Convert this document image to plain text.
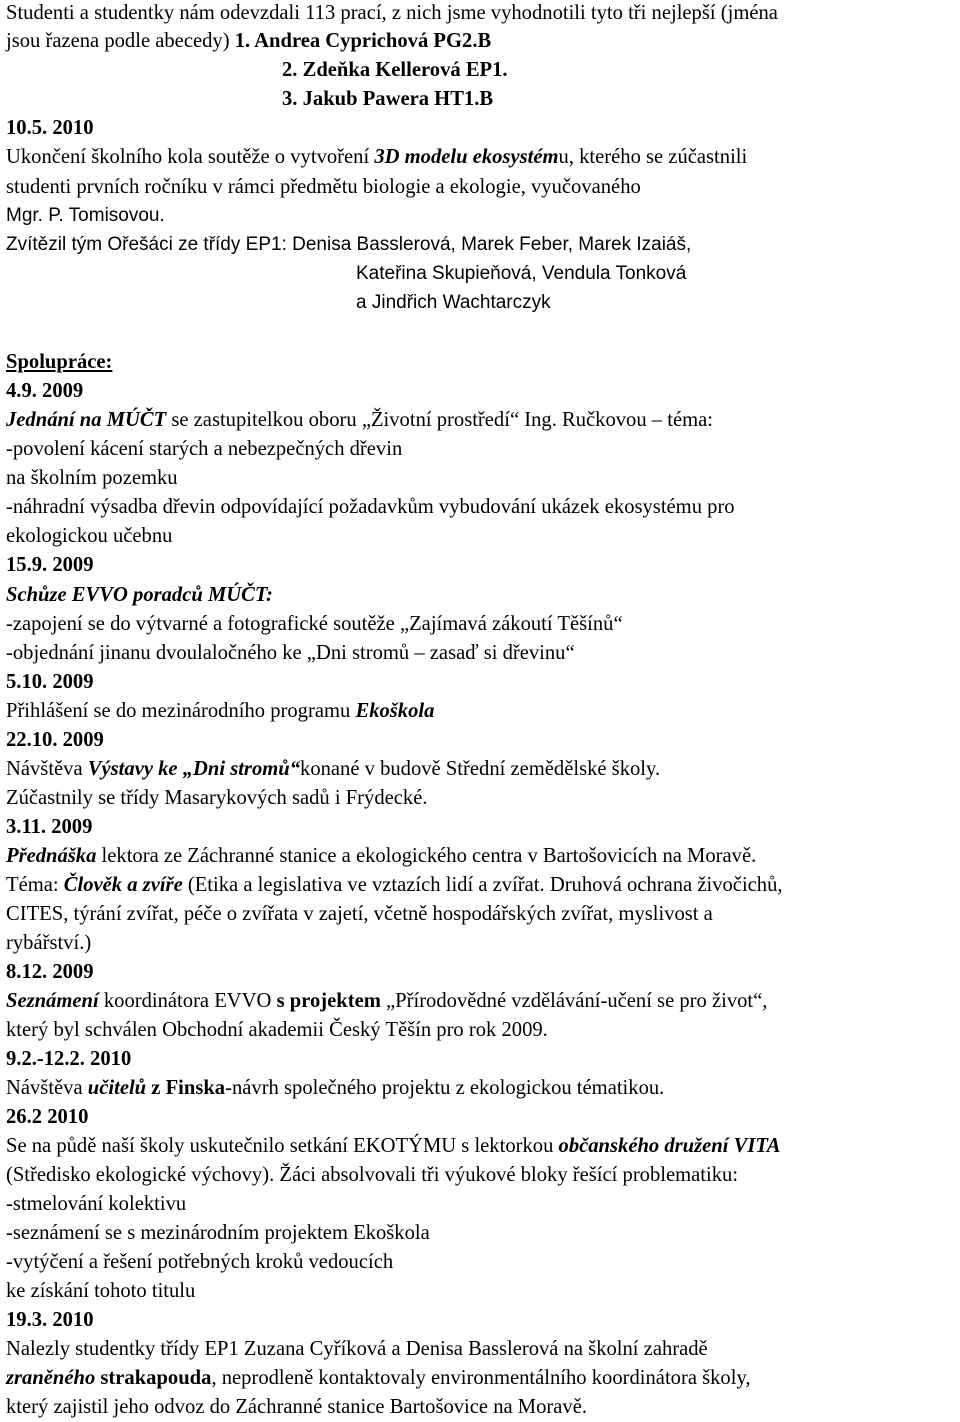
Studenti a studentky nám odevzdali 113 prací, z nich jsme vyhodnotili tyto tři nejlepší (jména
jsou řazena podle abecedy) 1. Andrea Cyprichová PG2.B
2. Zdeňka Kellerová EP1.
3. Jakub Pawera HT1.B
10.5. 2010
Ukončení školního kola soutěže o vytvoření 3D modelu ekosystému, kterého se zúčastnili
studenti prvních ročníku v rámci předmětu biologie a ekologie, vyučovaného
Mgr. P. Tomisovou.
Zvítězil tým Ořešáci ze třídy EP1: Denisa Basslerová, Marek Feber, Marek Izaiáš,
Kateřina Skupieňová, Vendula Tonková
a Jindřich Wachtarczyk
Spolupráce:
4.9. 2009
Jednání na MÚČT se zastupitelkou oboru „Životní prostředí“ Ing. Ručkovou – téma:
-povolení kácení starých a nebezpečných dřevin
na školním pozemku
-náhradní výsadba dřevin odpovídající požadavkům vybudování ukázek ekosystému pro
ekologickou učebnu
15.9. 2009
Schůze EVVO poradců MÚČT:
-zapojení se do výtvarné a fotografické soutěže „Zajímavá zákoutí Těšínů“
-objednání jinanu dvoulaločného ke „Dni stromů – zasaď si dřevinu“
5.10. 2009
Přihlášení se do mezinárodního programu Ekoškola
22.10. 2009
Návštěva Výstavy ke „Dni stromů“konané v budově Střední zemědělské školy.
Zúčastnily se třídy Masarykových sadů i Frýdecké.
3.11. 2009
Přednáška lektora ze Záchranné stanice a ekologického centra v Bartošovicích na Moravě.
Téma: Člověk a zvíře (Etika a legislativa ve vztazích lidí a zvířat. Druhová ochrana živočichů,
CITES, týrání zvířat, péče o zvířata v zajetí, včetně hospodářských zvířat, myslivost a
rybářství.)
8.12. 2009
Seznámení koordinátora EVVO s projektem „Přírodovědné vzdělávání-učení se pro život“,
který byl schválen Obchodní akademii Český Těšín pro rok 2009.
9.2.-12.2. 2010
Návštěva učitelů z Finska-návrh společného projektu z ekologickou tématikou.
26.2 2010
Se na půdě naší školy uskutečnilo setkání EKOTÝMU s lektorkou občanského družení VITA
(Středisko ekologické výchovy). Žáci absolvovali tři výukové bloky řešící problematiku:
-stmelování kolektivu
-seznámení se s mezinárodním projektem Ekoškola
-vytýčení a řešení potřebných kroků vedoucích
ke získání tohoto titulu
19.3. 2010
Nalezly studentky třídy EP1 Zuzana Cyříková a Denisa Basslerová na školní zahradě
zraněného strakapouda, neprodleně kontaktovaly environmentálního koordinátora školy,
který zajistil jeho odvoz do Záchranné stanice Bartošovice na Moravě.
